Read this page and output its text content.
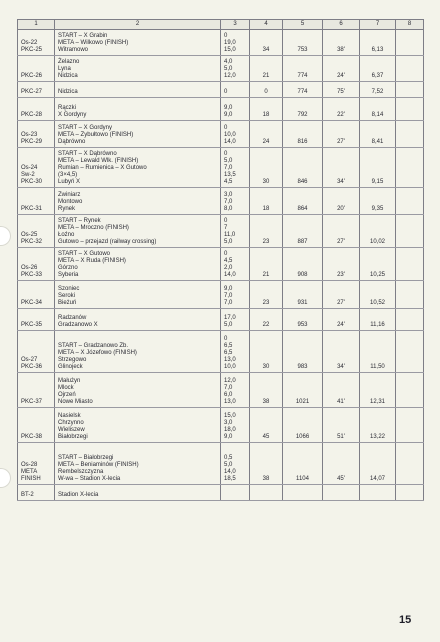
1	2	3	4	5	6	7	8

Os-22
PKC-25	START – X Grabin
META – Wilkowo (FINISH)
Witramowo	0
19,0
15,0	34	753	38'	6,13	

PKC-26	Żelazno
Lyna
Nidzica	4,0
5,0
12,0	21	774	24'	6,37	

PKC-27	Nidzica	0	0	774	75'	7,52	

PKC-28	Rączki
X Gordyny	9,0
9,0	18	792	22'	8,14	

Os-23
PKC-29	START – X Gordyny
META – Zybułtowo (FINISH)
Dąbrówno	0
10,0
14,0	24	816	27'	8,41	

Os-24
Sw-2
PKC-30	START – X Dąbrówno
META – Lewald Wlk. (FINISH)
Rumian – Rumienica – X Gutowo
(3×4,5)
Lubyń X	0
5,0
7,0
13,5
4,5	30	846	34'	9,15	

PKC-31	Zwiniarz
Montowo
Rynek	3,0
7,0
8,0	18	864	20'	9,35	

Os-25
PKC-32	START – Rynek
META – Mroczno (FINISH)
Łoźno
Gutowo – przejazd (railway crossing)	0
7
11,0
5,0	23	887	27'	10,02	

Os-26
PKC-33	START – X Gutowo
META – X Ruda (FINISH)
Górzno
Syberia	0
4,5
2,0
14,0	21	908	23'	10,25	

PKC-34	Szoniec
Seroki
Bieżuń	9,0
7,0
7,0	23	931	27'	10,52	

PKC-35	Radzanów
Gradzanowo X	17,0
5,0	22	953	24'	11,16	

Os-27
PKC-36	START – Gradzanowo Zb.
META – X Józefowo (FINISH)
Strzegowo
Glinojeck	0
6,5
6,5
13,0
10,0	30	983	34'	11,50	

PKC-37	Małużyn
Mlock
Ojrzeń
Nowe Miasto	12,0
7,0
6,0
13,0	38	1021	41'	12,31	

PKC-38	Nasielsk
Chrzynno
Wieliszew
Białobrzegi	15,0
3,0
18,0
9,0	45	1066	51'	13,22	

Os-28
META
FINISH	START – Białobrzegi
META – Beniaminów (FINISH)
Rembelszczyzna
W-wa – Stadion X-lecia	0,5
5,0
14,0
18,5	38	1104	45'	14,07	

BT-2	Stadion X-lecia						

15
